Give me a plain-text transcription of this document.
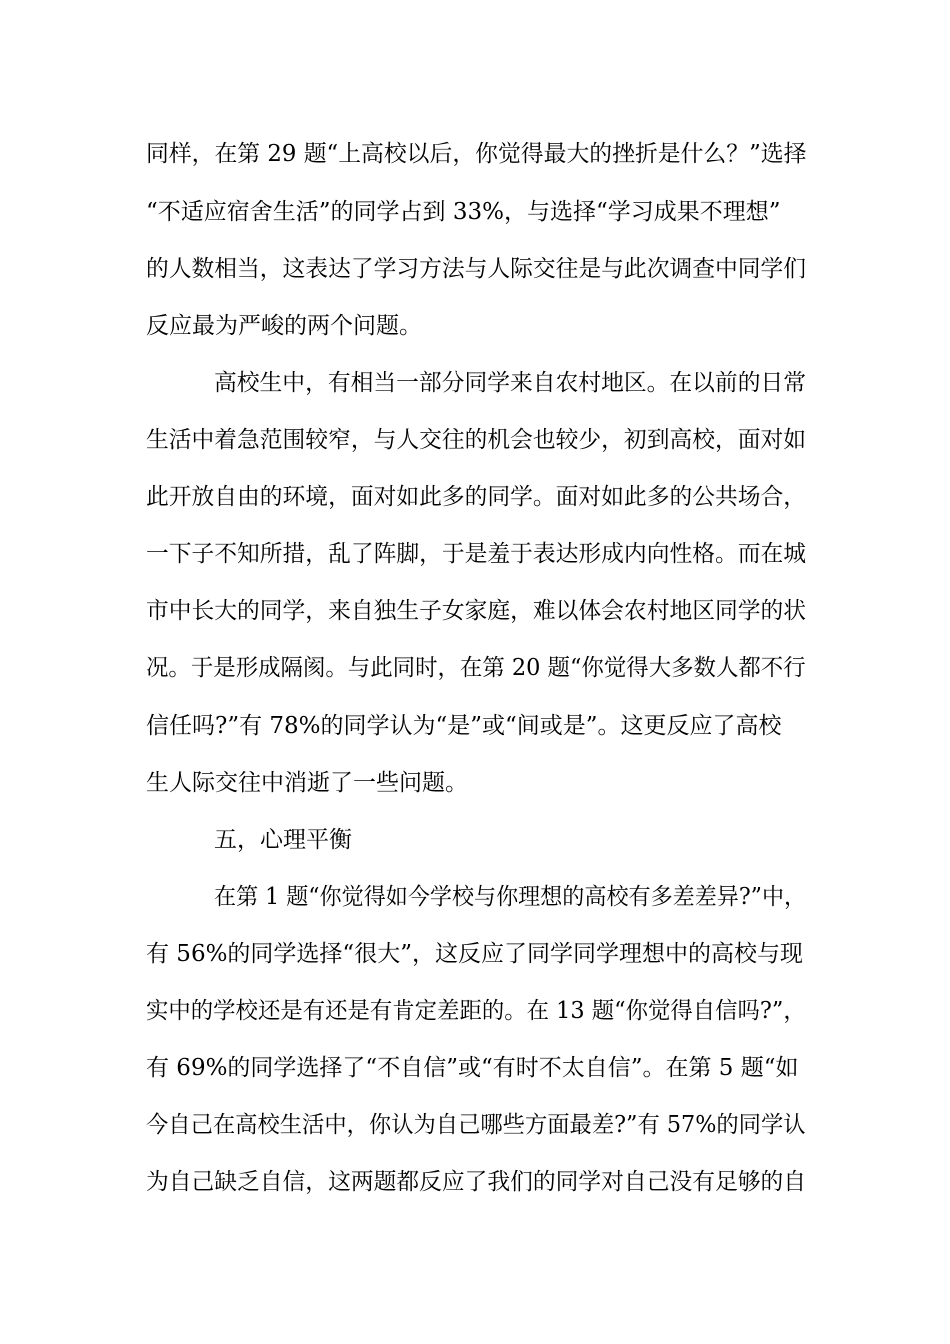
同样，在第 29 题“上高校以后，你觉得最大的挫折是什么？”选择
“不适应宿舍生活”的同学占到 33%，与选择“学习成果不理想”
的人数相当，这表达了学习方法与人际交往是与此次调查中同学们
反应最为严峻的两个问题。
高校生中，有相当一部分同学来自农村地区。在以前的日常
生活中着急范围较窄，与人交往的机会也较少，初到高校，面对如
此开放自由的环境，面对如此多的同学。面对如此多的公共场合，
一下子不知所措，乱了阵脚，于是羞于表达形成内向性格。而在城
市中长大的同学，来自独生子女家庭，难以体会农村地区同学的状
况。于是形成隔阂。与此同时，在第 20 题“你觉得大多数人都不行
信任吗?”有 78%的同学认为“是”或“间或是”。这更反应了高校
生人际交往中消逝了一些问题。
五，心理平衡
在第 1 题“你觉得如今学校与你理想的高校有多差差异?”中，
有 56%的同学选择“很大”，这反应了同学同学理想中的高校与现
实中的学校还是有还是有肯定差距的。在 13 题“你觉得自信吗?”，
有 69%的同学选择了“不自信”或“有时不太自信”。在第 5 题“如
今自己在高校生活中，你认为自己哪些方面最差?”有 57%的同学认
为自己缺乏自信，这两题都反应了我们的同学对自己没有足够的自
